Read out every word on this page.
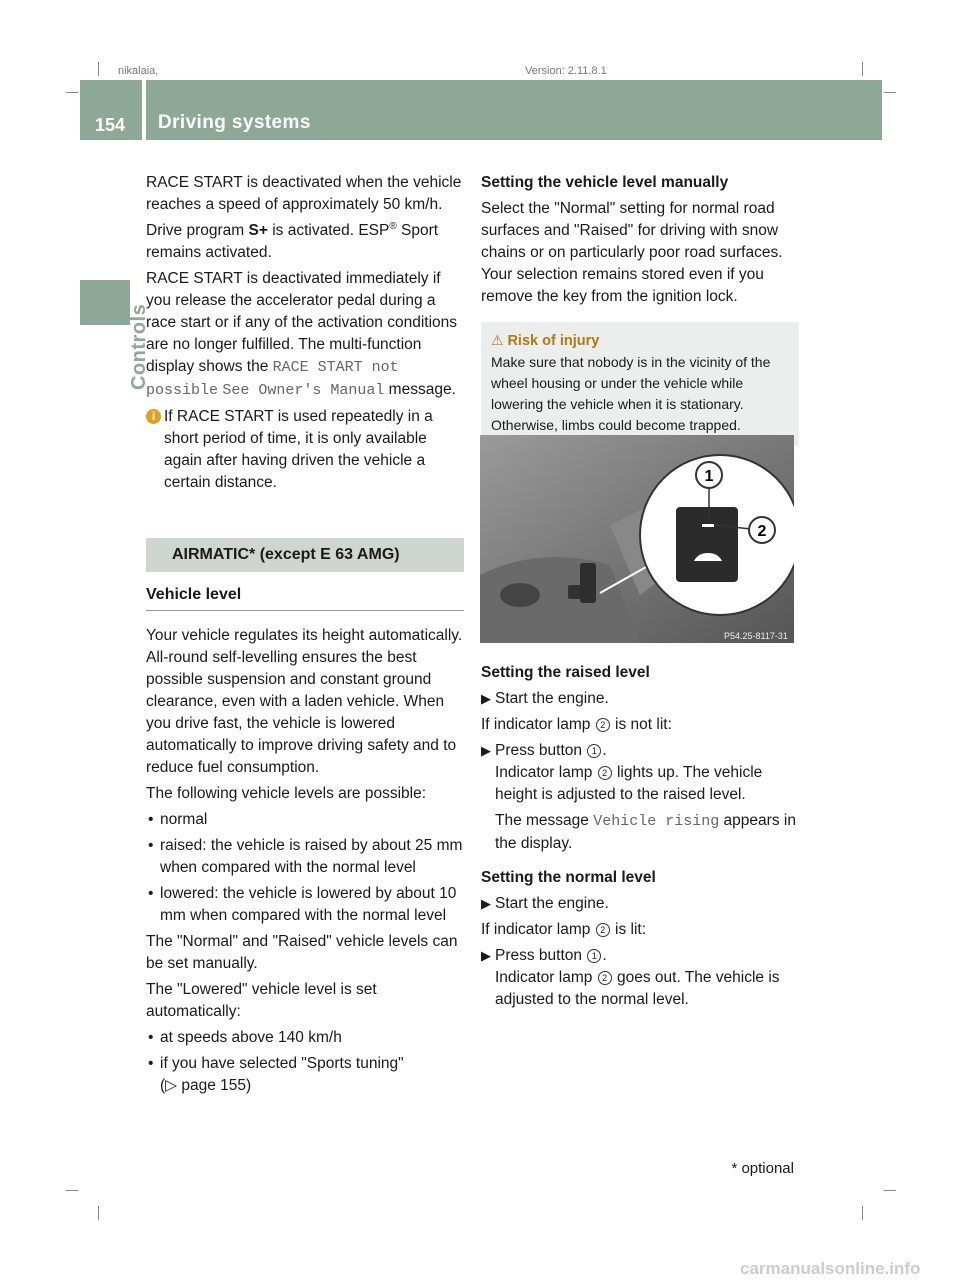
nikalaia,	Version: 2.11.8.1
154	Driving systems
Controls

RACE START is deactivated when the vehicle reaches a speed of approximately 50 km/h.

Drive program S+ is activated. ESP® Sport remains activated.

RACE START is deactivated immediately if you release the accelerator pedal during a race start or if any of the activation conditions are no longer fulfilled. The multi-function display shows the RACE START not possible See Owner's Manual message.

i If RACE START is used repeatedly in a short period of time, it is only available again after having driven the vehicle a certain distance.

AIRMATIC* (except E 63 AMG)
Vehicle level

Your vehicle regulates its height automatically. All-round self-levelling ensures the best possible suspension and constant ground clearance, even with a laden vehicle. When you drive fast, the vehicle is lowered automatically to improve driving safety and to reduce fuel consumption.

The following vehicle levels are possible:

• normal

• raised: the vehicle is raised by about 25 mm when compared with the normal level

• lowered: the vehicle is lowered by about 10 mm when compared with the normal level

The "Normal" and "Raised" vehicle levels can be set manually.

The "Lowered" vehicle level is set automatically:

• at speeds above 140 km/h

• if you have selected "Sports tuning"
(▷ page 155)

Setting the vehicle level manually

Select the "Normal" setting for normal road surfaces and "Raised" for driving with snow chains or on particularly poor road surfaces. Your selection remains stored even if you remove the key from the ignition lock.

⚠ Risk of injury
Make sure that nobody is in the vicinity of the wheel housing or under the vehicle while lowering the vehicle when it is stationary. Otherwise, limbs could become trapped.
1
2
P54.25-8117-31

Setting the raised level

▶ Start the engine.

If indicator lamp 2 is not lit:

▶ Press button 1 .
Indicator lamp 2 lights up. The vehicle height is adjusted to the raised level.

The message Vehicle rising appears in the display.

Setting the normal level

▶ Start the engine.

If indicator lamp 2 is lit:

▶ Press button 1 .
Indicator lamp 2 goes out. The vehicle is adjusted to the normal level.

* optional
carmanualsonline.info
